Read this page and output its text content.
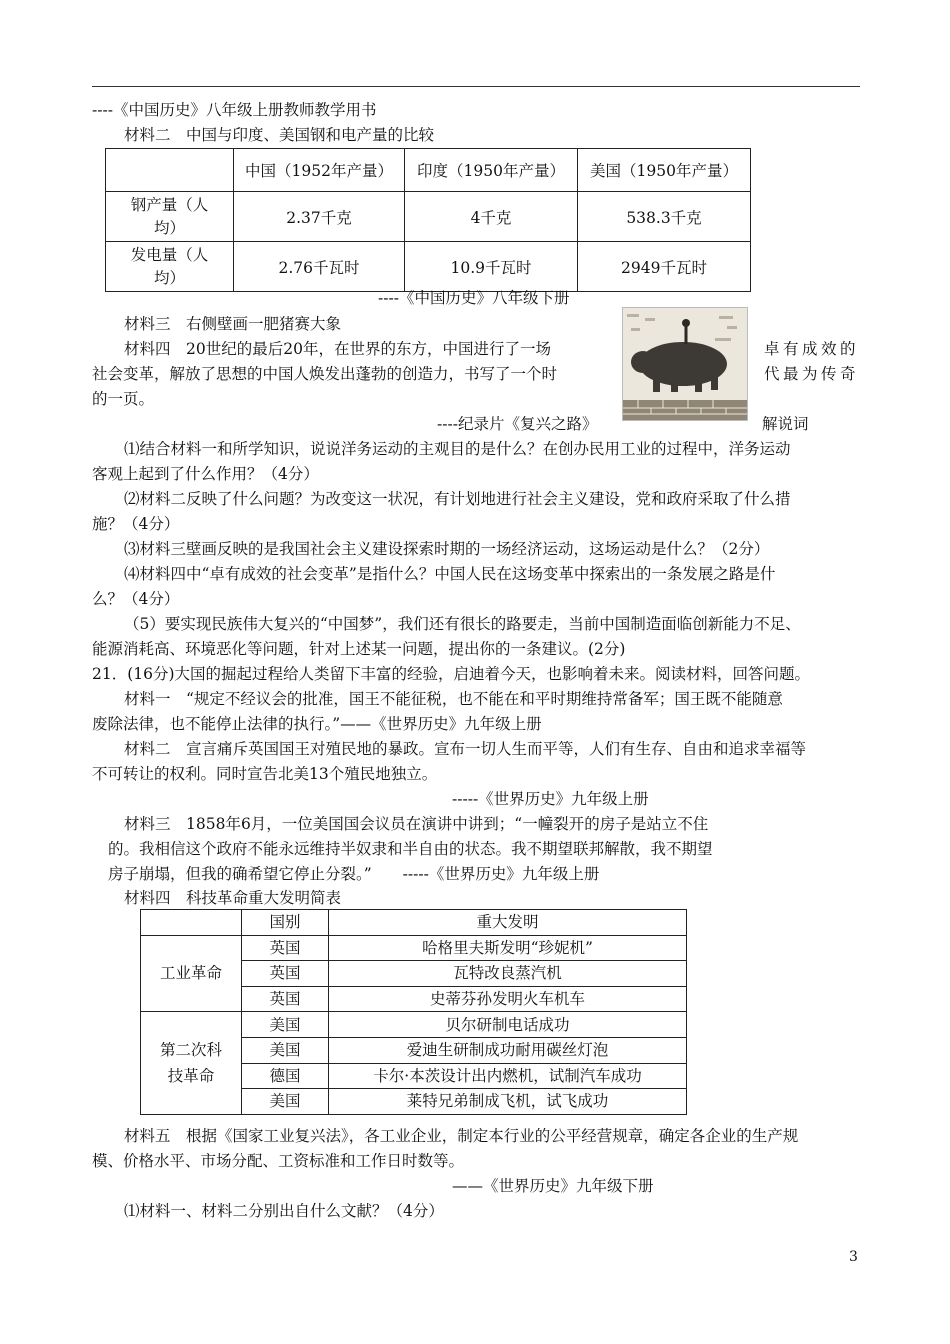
----《中国历史》八年级上册教师教学用书
材料二　中国与印度、美国钢和电产量的比较
	中国（1952年产量）	印度（1950年产量）	美国（1950年产量）

钢产量（人均）	2.37千克	4千克	538.3千克

发电量（人均）	2.76千瓦时	10.9千瓦时	2949千瓦时
----《中国历史》八年级下册
材料三　右侧壁画一肥猪赛大象
材料四　20世纪的最后20年，在世界的东方，中国进行了一场	卓有成效的
社会变革，解放了思想的中国人焕发出蓬勃的创造力，书写了一个时	代最为传奇
的一页。
----纪录片《复兴之路》	解说词
⑴结合材料一和所学知识，说说洋务运动的主观目的是什么？在创办民用工业的过程中，洋务运动
客观上起到了什么作用？（4分）
⑵材料二反映了什么问题？为改变这一状况，有计划地进行社会主义建设，党和政府采取了什么措
施？（4分）
⑶材料三壁画反映的是我国社会主义建设探索时期的一场经济运动，这场运动是什么？（2分）
⑷材料四中“卓有成效的社会变革”是指什么？中国人民在这场变革中探索出的一条发展之路是什
么？（4分）
（5）要实现民族伟大复兴的“中国梦”，我们还有很长的路要走，当前中国制造面临创新能力不足、
能源消耗高、环境恶化等问题，针对上述某一问题，提出你的一条建议。(2分)
21．(16分)大国的掘起过程给人类留下丰富的经验，启迪着今天，也影响着未来。阅读材料，回答问题。
材料一　“规定不经议会的批准，国王不能征税，也不能在和平时期维持常备军；国王既不能随意
废除法律，也不能停止法律的执行。”——《世界历史》九年级上册
材料二　宣言痛斥英国国王对殖民地的暴政。宣布一切人生而平等，人们有生存、自由和追求幸福等
不可转让的权利。同时宣告北美13个殖民地独立。
-----《世界历史》九年级上册
材料三　1858年6月，一位美国国会议员在演讲中讲到；“一幢裂开的房子是站立不住
的。我相信这个政府不能永远维持半奴隶和半自由的状态。我不期望联邦解散，我不期望
房子崩塌，但我的确希望它停止分裂。”　　-----《世界历史》九年级上册
材料四　科技革命重大发明简表
	国别	重大发明
工业革命	英国	哈格里夫斯发明“珍妮机”
	英国	瓦特改良蒸汽机
	英国	史蒂芬孙发明火车机车

第二次科
技革命	美国	贝尔研制电话成功
	美国	爱迪生研制成功耐用碳丝灯泡
	德国	卡尔·本茨设计出内燃机，试制汽车成功
	美国	莱特兄弟制成飞机，试飞成功
材料五　根据《国家工业复兴法》，各工业企业，制定本行业的公平经营规章，确定各企业的生产规
模、价格水平、市场分配、工资标准和工作日时数等。
——《世界历史》九年级下册
⑴材料一、材料二分别出自什么文献？（4分）
3
